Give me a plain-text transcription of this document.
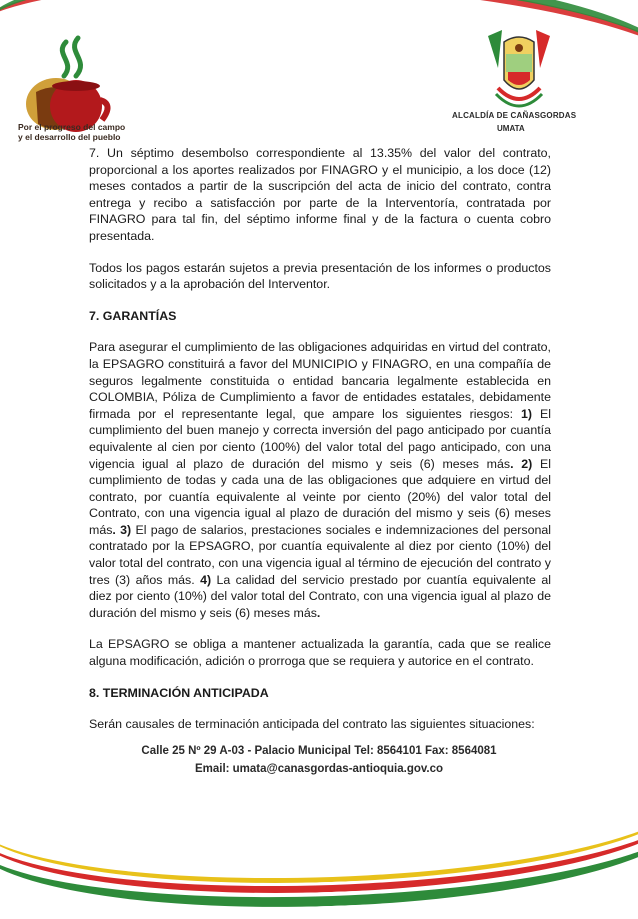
Por el progreso del campo
y el desarrollo del pueblo
ALCALDÍA DE CAÑASGORDAS
UMATA

7. Un séptimo desembolso correspondiente al 13.35% del valor del contrato, proporcional a los aportes realizados por FINAGRO y el municipio, a los doce (12) meses contados a partir de la suscripción del acta de inicio del contrato, contra entrega y recibo a satisfacción por parte de la Interventoría, contratada por FINAGRO para tal fin, del séptimo informe final y de la factura o cuenta cobro presentada.

Todos los pagos estarán sujetos a previa presentación de los informes o productos solicitados y a la aprobación del Interventor.

7. GARANTÍAS

Para asegurar el cumplimiento de las obligaciones adquiridas en virtud del contrato, la EPSAGRO constituirá a favor del MUNICIPIO y FINAGRO, en una compañía de seguros legalmente constituida o entidad bancaria legalmente establecida en COLOMBIA, Póliza de Cumplimiento a favor de entidades estatales, debidamente firmada por el representante legal, que ampare los siguientes riesgos: 1) El cumplimiento del buen manejo y correcta inversión del pago anticipado por cuantía equivalente al cien por ciento (100%) del valor total del pago anticipado, con una vigencia igual al plazo de duración del mismo y seis (6) meses más. 2) El cumplimiento de todas y cada una de las obligaciones que adquiere en virtud del contrato, por cuantía equivalente al veinte por ciento (20%) del valor total del Contrato, con una vigencia igual al plazo de duración del mismo y seis (6) meses más. 3) El pago de salarios, prestaciones sociales e indemnizaciones del personal contratado por la EPSAGRO, por cuantía equivalente al diez por ciento (10%) del valor total del contrato, con una vigencia igual al término de ejecución del contrato y tres (3) años más. 4) La calidad del servicio prestado por cuantía equivalente al diez por ciento (10%) del valor total del Contrato, con una vigencia igual al plazo de duración del mismo y seis (6) meses más.

La EPSAGRO se obliga a mantener actualizada la garantía, cada que se realice alguna modificación, adición o prorroga que se requiera y autorice en el contrato.

8. TERMINACIÓN ANTICIPADA

Serán causales de terminación anticipada del contrato las siguientes situaciones:

Calle 25 Nº 29 A-03 - Palacio Municipal Tel: 8564101 Fax: 8564081
Email: umata@canasgordas-antioquia.gov.co
